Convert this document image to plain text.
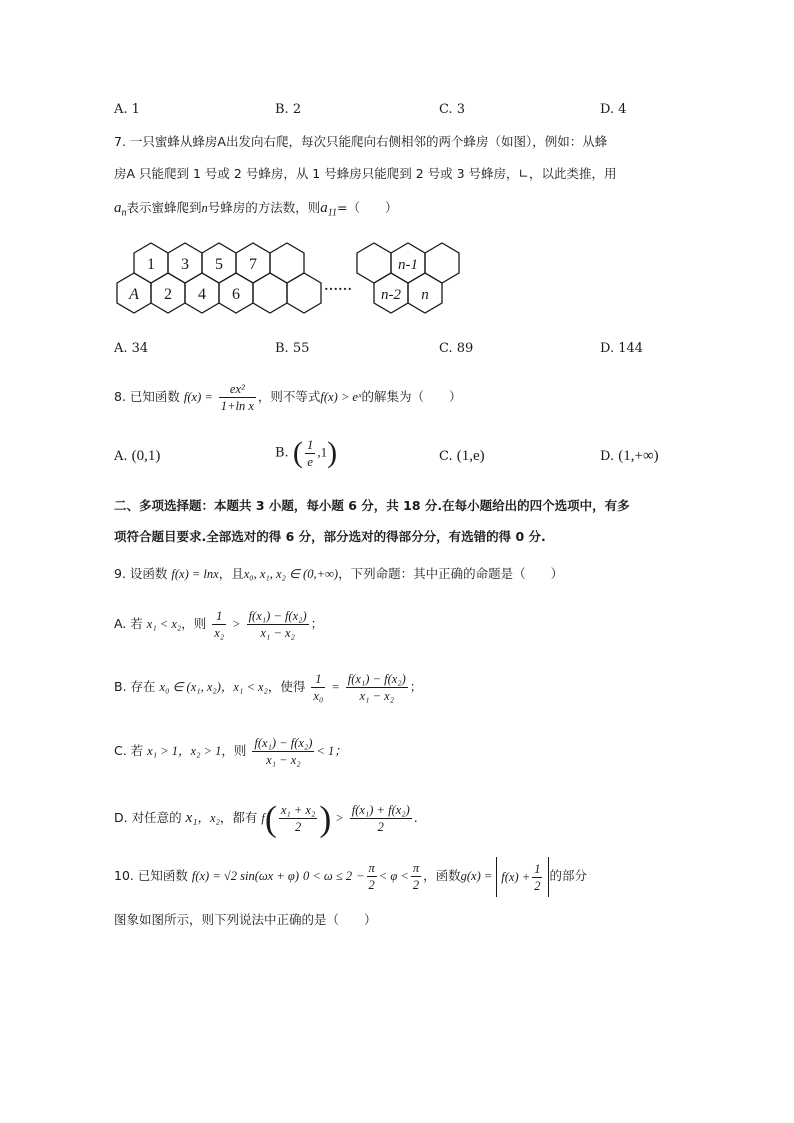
A. 1	B. 2	C. 3	D. 4
7. 一只蜜蜂从蜂房A出发向右爬，每次只能爬向右侧相邻的两个蜂房（如图），例如：从蜂
房A 只能爬到 1 号或 2 号蜂房，从 1 号蜂房只能爬到 2 号或 3 号蜂房，∟，以此类推，用
$a_n$表示蜜蜂爬到n号蜂房的方法数，则$a_{11}=$（　　）
1 3 5 7
A 2 4 6	……
n-1
n-2 n
A. 34	B. 55	C. 89	D. 144
8. 已知函数 $f(x) = \frac{\text{ex²}}{\text{1+ln x}}$ ，则不等式f(x) > eˣ的解集为（　　）
A. (0,1)	B. ( $\frac{1}{e} ,1$)	C. (1,e)	D. (1,+∞)
二、多项选择题：本题共 3 小题，每小题 6 分，共 18 分.在每小题给出的四个选项中，有多
项符合题目要求.全部选对的得 6 分，部分选对的得部分分，有选错的得 0 分.
9. 设函数 f(x) = lnx，且x₀, x₁, x₂ ∈ (0,+∞)，下列命题：其中正确的命题是（　　）
A. 若 x₁ < x₂，则 $\frac{1}{\text{x₂}} > \frac{\text{f(x₁) − f(x₂)}}{\text{x₁ − x₂}}$ ；
B. 存在 x₀ ∈ (x₁, x₂)，x₁ < x₂，使得 $\frac{1}{\text{x₀}} = \frac{\text{f(x₁) − f(x₂)}}{\text{x₁ − x₂}}$ ；
C. 若 x₁ > 1，x₂ > 1，则 $\frac{\text{f(x₁) − f(x₂)}}{\text{x₁ − x₂}} < 1$；
D. 对任意的 x₁，x₂，都有 $f( \frac{\text{x₁ + x₂}}{2}$ ) > $\frac{\text{f(x₁) + f(x₂)}}{2}$ .
10. 已知函数 f(x) = √2 sin(ωx + φ) $0 < \omega \le 2 - \frac{\pi}{2} < \varphi < \frac{\pi}{2}$ ，函数$g(x) = f(x) + \frac{1}{2}$ 的部分
图象如图所示，则下列说法中正确的是（　　）
